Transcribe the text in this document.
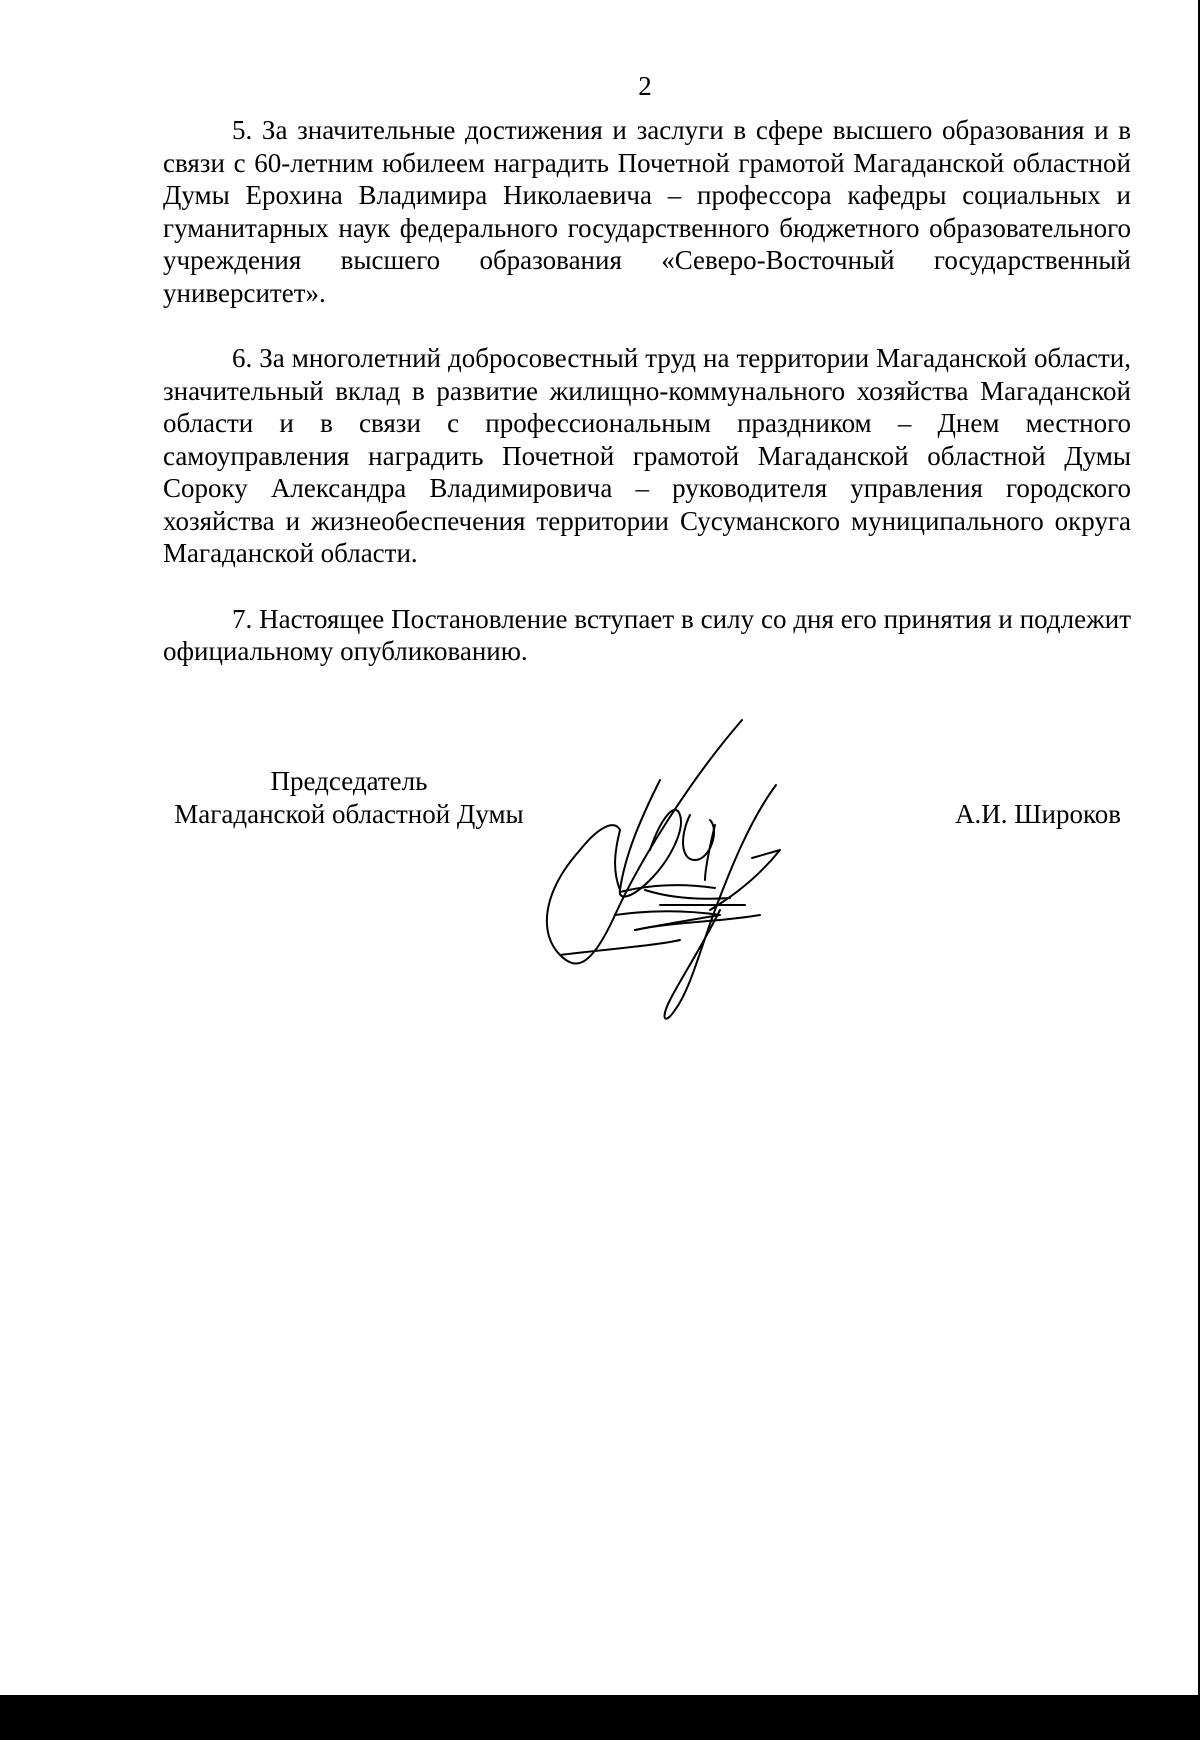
2

5. За значительные достижения и заслуги в сфере высшего образования и в связи с 60-летним юбилеем наградить Почетной грамотой Магаданской областной Думы Ерохина Владимира Николаевича – профессора кафедры социальных и гуманитарных наук федерального государственного бюджетного образовательного учреждения высшего образования «Северо-Восточный государственный университет».

6. За многолетний добросовестный труд на территории Магаданской области, значительный вклад в развитие жилищно-коммунального хозяйства Магаданской области и в связи с профессиональным праздником – Днем местного самоуправления наградить Почетной грамотой Магаданской областной Думы Сороку Александра Владимировича – руководителя управления городского хозяйства и жизнеобеспечения территории Сусуманского муниципального округа Магаданской области.

7. Настоящее Постановление вступает в силу со дня его принятия и подлежит официальному опубликованию.

Председатель
Магаданской областной Думы	А.И. Широков
